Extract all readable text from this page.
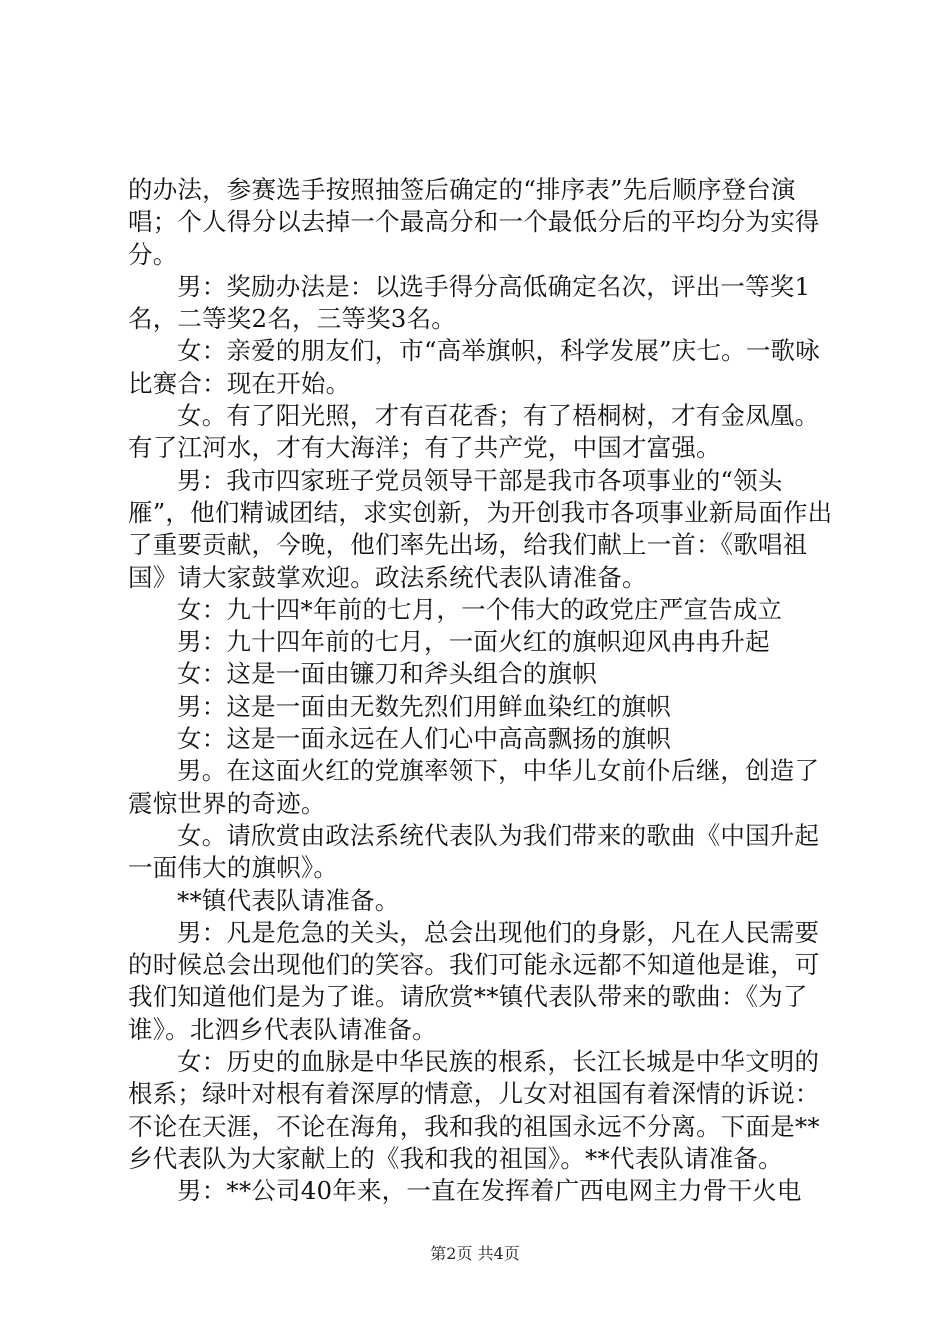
的办法，参赛选手按照抽签后确定的“排序表”先后顺序登台演唱；个人得分以去掉一个最高分和一个最低分后的平均分为实得分。

男：奖励办法是：以选手得分高低确定名次，评出一等奖1名，二等奖2名，三等奖3名。

女：亲爱的朋友们，市“高举旗帜，科学发展”庆七。一歌咏比赛合：现在开始。

女。有了阳光照，才有百花香；有了梧桐树，才有金凤凰。有了江河水，才有大海洋；有了共产党，中国才富强。

男：我市四家班子党员领导干部是我市各项事业的“领头雁”，他们精诚团结，求实创新，为开创我市各项事业新局面作出了重要贡献，今晚，他们率先出场，给我们献上一首：《歌唱祖国》请大家鼓掌欢迎。政法系统代表队请准备。

女：九十四*年前的七月，一个伟大的政党庄严宣告成立

男：九十四年前的七月，一面火红的旗帜迎风冉冉升起

女：这是一面由镰刀和斧头组合的旗帜

男：这是一面由无数先烈们用鲜血染红的旗帜

女：这是一面永远在人们心中高高飘扬的旗帜

男。在这面火红的党旗率领下，中华儿女前仆后继，创造了震惊世界的奇迹。

女。请欣赏由政法系统代表队为我们带来的歌曲《中国升起一面伟大的旗帜》。

**镇代表队请准备。

男：凡是危急的关头，总会出现他们的身影，凡在人民需要的时候总会出现他们的笑容。我们可能永远都不知道他是谁，可我们知道他们是为了谁。请欣赏**镇代表队带来的歌曲：《为了谁》。北泗乡代表队请准备。

女：历史的血脉是中华民族的根系，长江长城是中华文明的根系；绿叶对根有着深厚的情意，儿女对祖国有着深情的诉说：不论在天涯，不论在海角，我和我的祖国永远不分离。下面是**乡代表队为大家献上的《我和我的祖国》。**代表队请准备。

男：**公司40年来，一直在发挥着广西电网主力骨干火电

第2页 共4页
